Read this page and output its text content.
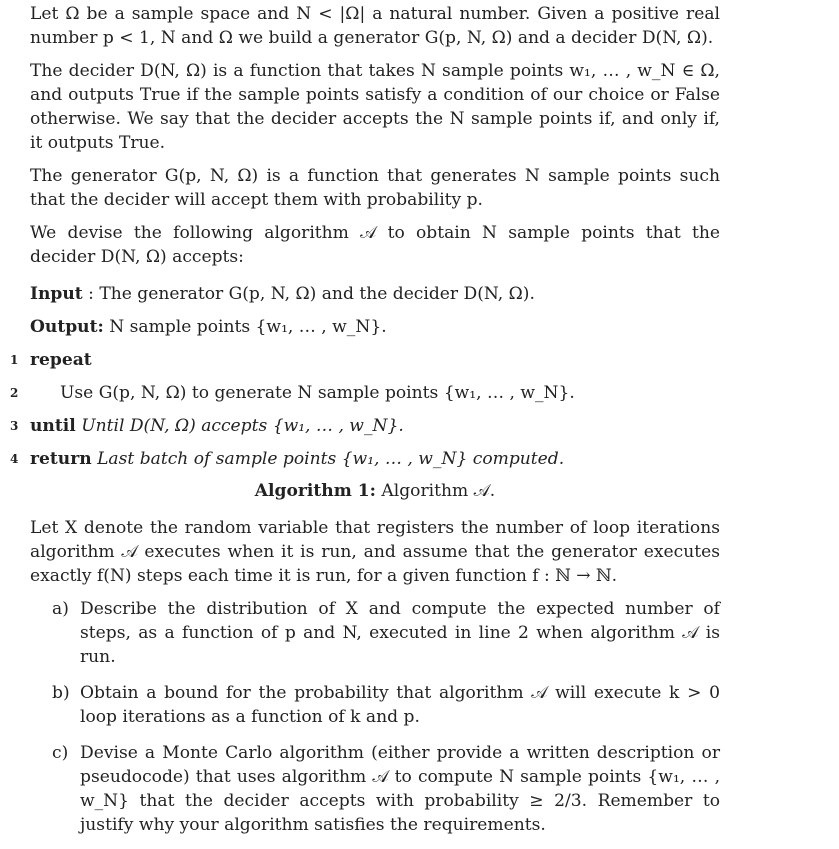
Let Ω be a sample space and N < |Ω| a natural number. Given a positive real number p < 1, N and Ω we build a generator G(p, N, Ω) and a decider D(N, Ω).

The decider D(N, Ω) is a function that takes N sample points w₁, … , w_N ∈ Ω, and outputs True if the sample points satisfy a condition of our choice or False otherwise. We say that the decider accepts the N sample points if, and only if, it outputs True.

The generator G(p, N, Ω) is a function that generates N sample points such that the decider will accept them with probability p.

We devise the following algorithm 𝒜 to obtain N sample points that the decider D(N, Ω) accepts:

Input : The generator G(p, N, Ω) and the decider D(N, Ω).
Output: N sample points {w₁, … , w_N}.
1 repeat
2 Use G(p, N, Ω) to generate N sample points {w₁, … , w_N}.
3 until Until D(N, Ω) accepts {w₁, … , w_N}.
4 return Last batch of sample points {w₁, … , w_N} computed.
Algorithm 1: Algorithm 𝒜.

Let X denote the random variable that registers the number of loop iterations algorithm 𝒜 executes when it is run, and assume that the generator executes exactly f(N) steps each time it is run, for a given function f : ℕ → ℕ.

a) Describe the distribution of X and compute the expected number of steps, as a function of p and N, executed in line 2 when algorithm 𝒜 is run.
b) Obtain a bound for the probability that algorithm 𝒜 will execute k > 0 loop iterations as a function of k and p.
c) Devise a Monte Carlo algorithm (either provide a written description or pseudocode) that uses algorithm 𝒜 to compute N sample points {w₁, … , w_N} that the decider accepts with probability ≥ 2/3. Remember to justify why your algorithm satisfies the requirements.
